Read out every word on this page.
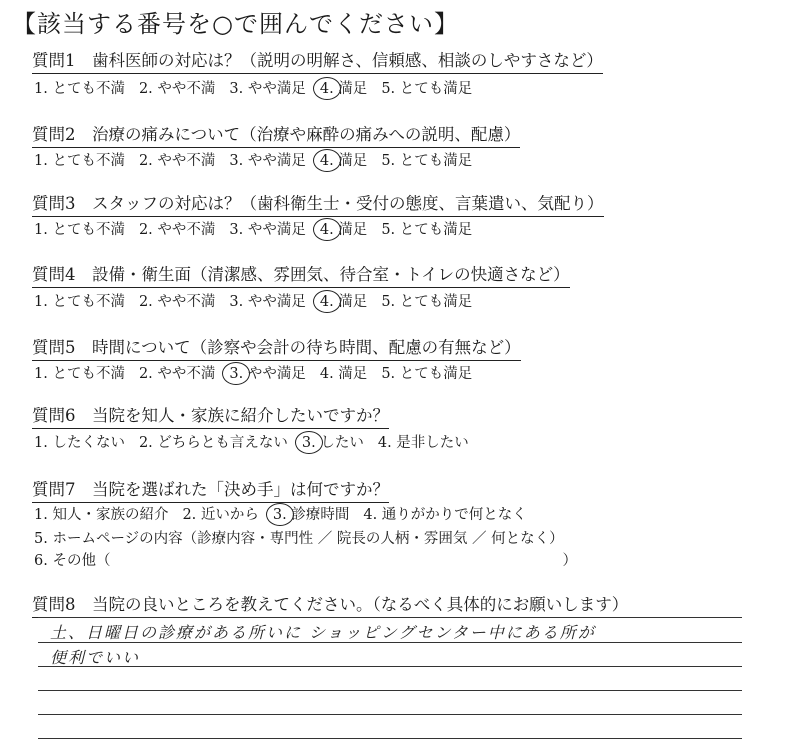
【該当する番号を○で囲んでください】
質問1　歯科医師の対応は？（説明の明解さ、信頼感、相談のしやすさなど）
1. とても不満 2. やや不満 3. やや満足 4. 満足 5. とても満足
質問2　治療の痛みについて（治療や麻酔の痛みへの説明、配慮）
1. とても不満 2. やや不満 3. やや満足 4. 満足 5. とても満足
質問3　スタッフの対応は？（歯科衛生士・受付の態度、言葉遣い、気配り）
1. とても不満 2. やや不満 3. やや満足 4. 満足 5. とても満足
質問4　設備・衛生面（清潔感、雰囲気、待合室・トイレの快適さなど）
1. とても不満 2. やや不満 3. やや満足 4. 満足 5. とても満足
質問5　時間について（診察や会計の待ち時間、配慮の有無など）
1. とても不満 2. やや不満 3. やや満足 4. 満足 5. とても満足
質問6　当院を知人・家族に紹介したいですか？
1. したくない 2. どちらとも言えない 3. したい 4. 是非したい
質問7　当院を選ばれた「決め手」は何ですか？
1. 知人・家族の紹介 2. 近いから 3. 診療時間 4. 通りがかりで何となく
5. ホームページの内容（診療内容・専門性 ／ 院長の人柄・雰囲気 ／ 何となく）
6. その他（	）
質問8　当院の良いところを教えてください。（なるべく具体的にお願いします）
土、日曜日の診療がある所いに ショッピングセンター中にある所が
便利でいい
